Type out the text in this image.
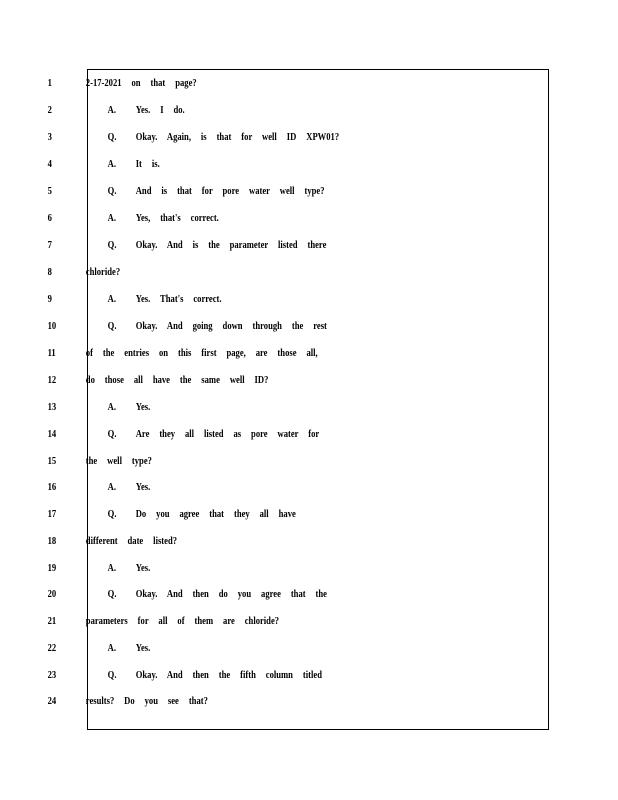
1	2-17-2021 on that page?
2	A. Yes. I do.
3	Q. Okay. Again, is that for well ID XPW01?
4	A. It is.
5	Q. And is that for pore water well type?
6	A. Yes, that's correct.
7	Q. Okay. And is the parameter listed there
8	chloride?
9	A. Yes. That's correct.
10	Q. Okay. And going down through the rest
11	of the entries on this first page, are those all,
12	do those all have the same well ID?
13	A. Yes.
14	Q. Are they all listed as pore water for
15	the well type?
16	A. Yes.
17	Q. Do you agree that they all have
18	different date listed?
19	A. Yes.
20	Q. Okay. And then do you agree that the
21	parameters for all of them are chloride?
22	A. Yes.
23	Q. Okay. And then the fifth column titled
24	results? Do you see that?
